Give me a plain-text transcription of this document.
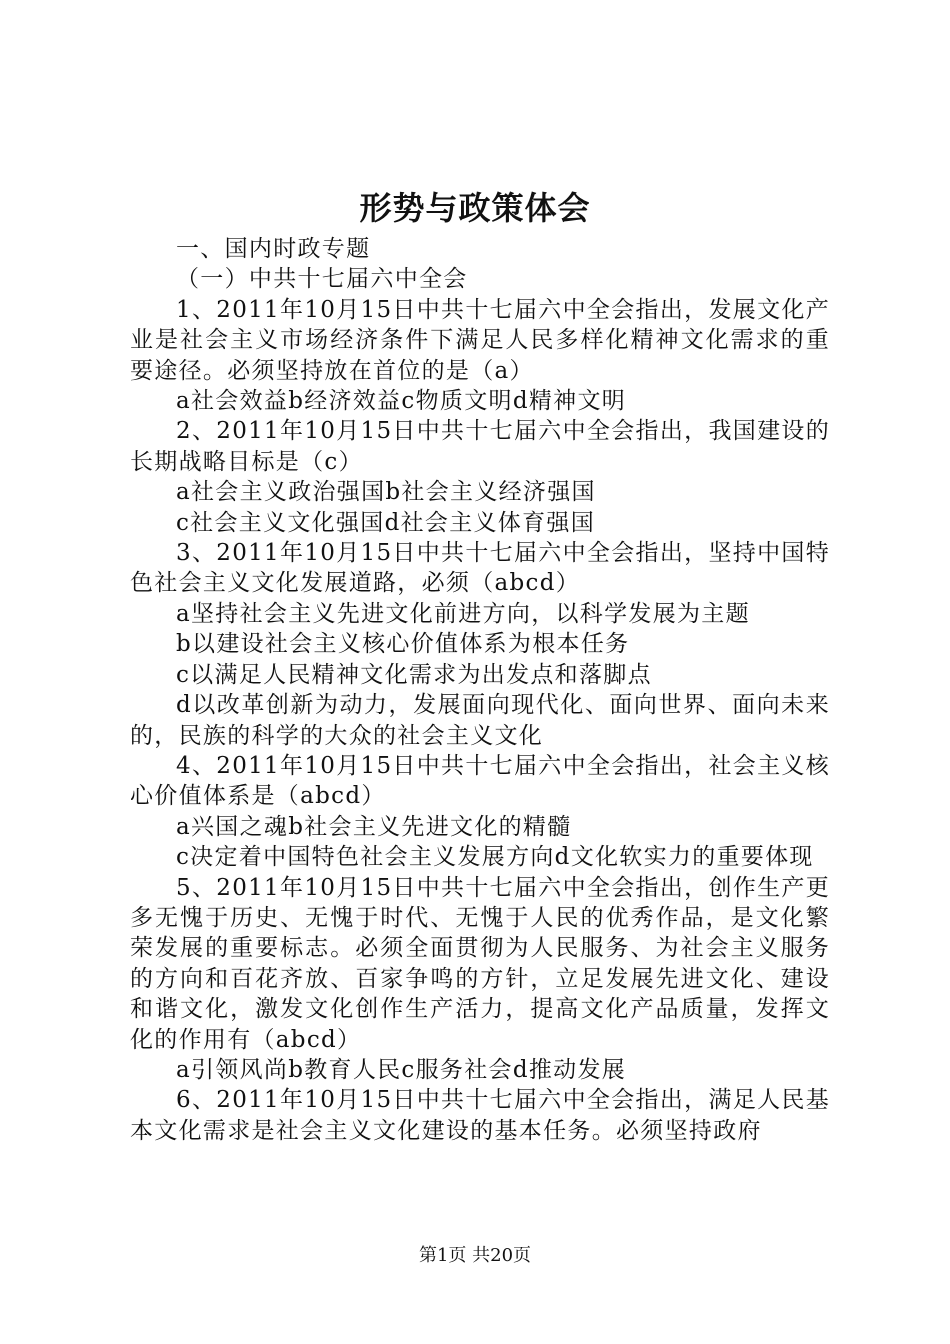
形势与政策体会

一、国内时政专题

（一）中共十七届六中全会

1、2011年10月15日中共十七届六中全会指出，发展文化产业是社会主义市场经济条件下满足人民多样化精神文化需求的重要途径。必须坚持放在首位的是（a）

a社会效益b经济效益c物质文明d精神文明

2、2011年10月15日中共十七届六中全会指出，我国建设的长期战略目标是（c）

a社会主义政治强国b社会主义经济强国

c社会主义文化强国d社会主义体育强国

3、2011年10月15日中共十七届六中全会指出，坚持中国特色社会主义文化发展道路，必须（abcd）

a坚持社会主义先进文化前进方向，以科学发展为主题

b以建设社会主义核心价值体系为根本任务

c以满足人民精神文化需求为出发点和落脚点

d以改革创新为动力，发展面向现代化、面向世界、面向未来的，民族的科学的大众的社会主义文化

4、2011年10月15日中共十七届六中全会指出，社会主义核心价值体系是（abcd）

a兴国之魂b社会主义先进文化的精髓

c决定着中国特色社会主义发展方向d文化软实力的重要体现

5、2011年10月15日中共十七届六中全会指出，创作生产更多无愧于历史、无愧于时代、无愧于人民的优秀作品，是文化繁荣发展的重要标志。必须全面贯彻为人民服务、为社会主义服务的方向和百花齐放、百家争鸣的方针，立足发展先进文化、建设和谐文化，激发文化创作生产活力，提高文化产品质量，发挥文化的作用有（abcd）

a引领风尚b教育人民c服务社会d推动发展

6、2011年10月15日中共十七届六中全会指出，满足人民基本文化需求是社会主义文化建设的基本任务。必须坚持政府

第1页 共20页
